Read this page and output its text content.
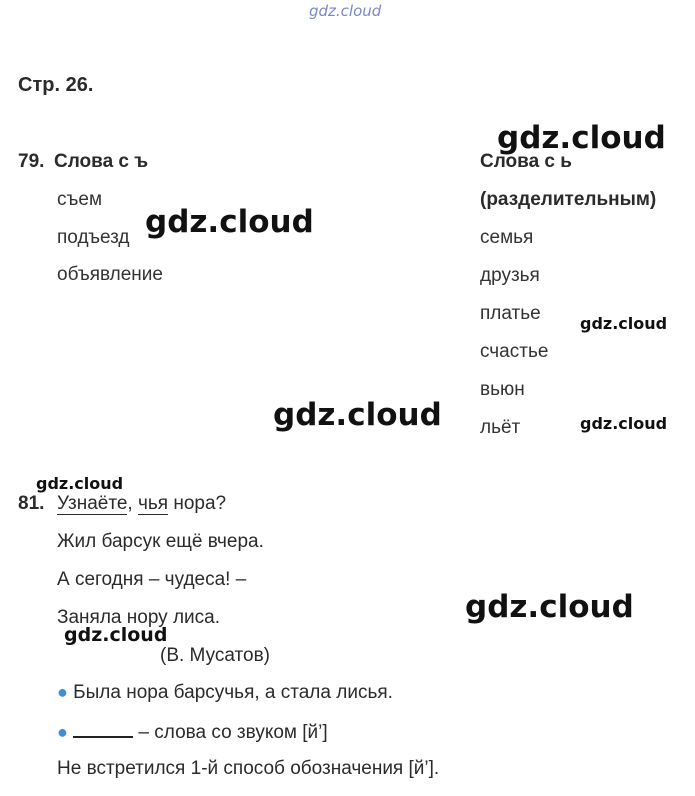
gdz.cloud
Стр. 26.
79. Слова с ъ
съем
подъезд
объявление
Слова с ь
(разделительным)
семья
друзья
платье
счастье
вьюн
льёт
81. Узнаёте, чья нора?
Жил барсук ещё вчера.
А сегодня – чудеса! –
Заняла нору лиса.
(В. Мусатов)
● Была нора барсучья, а стала лисья.
●	– слова со звуком [й’]
Не встретился 1-й способ обозначения [й’].
gdz.cloud
gdz.cloud
gdz.cloud
gdz.cloud	gdz.cloud
gdz.cloud
gdz.cloud
gdz.cloud
